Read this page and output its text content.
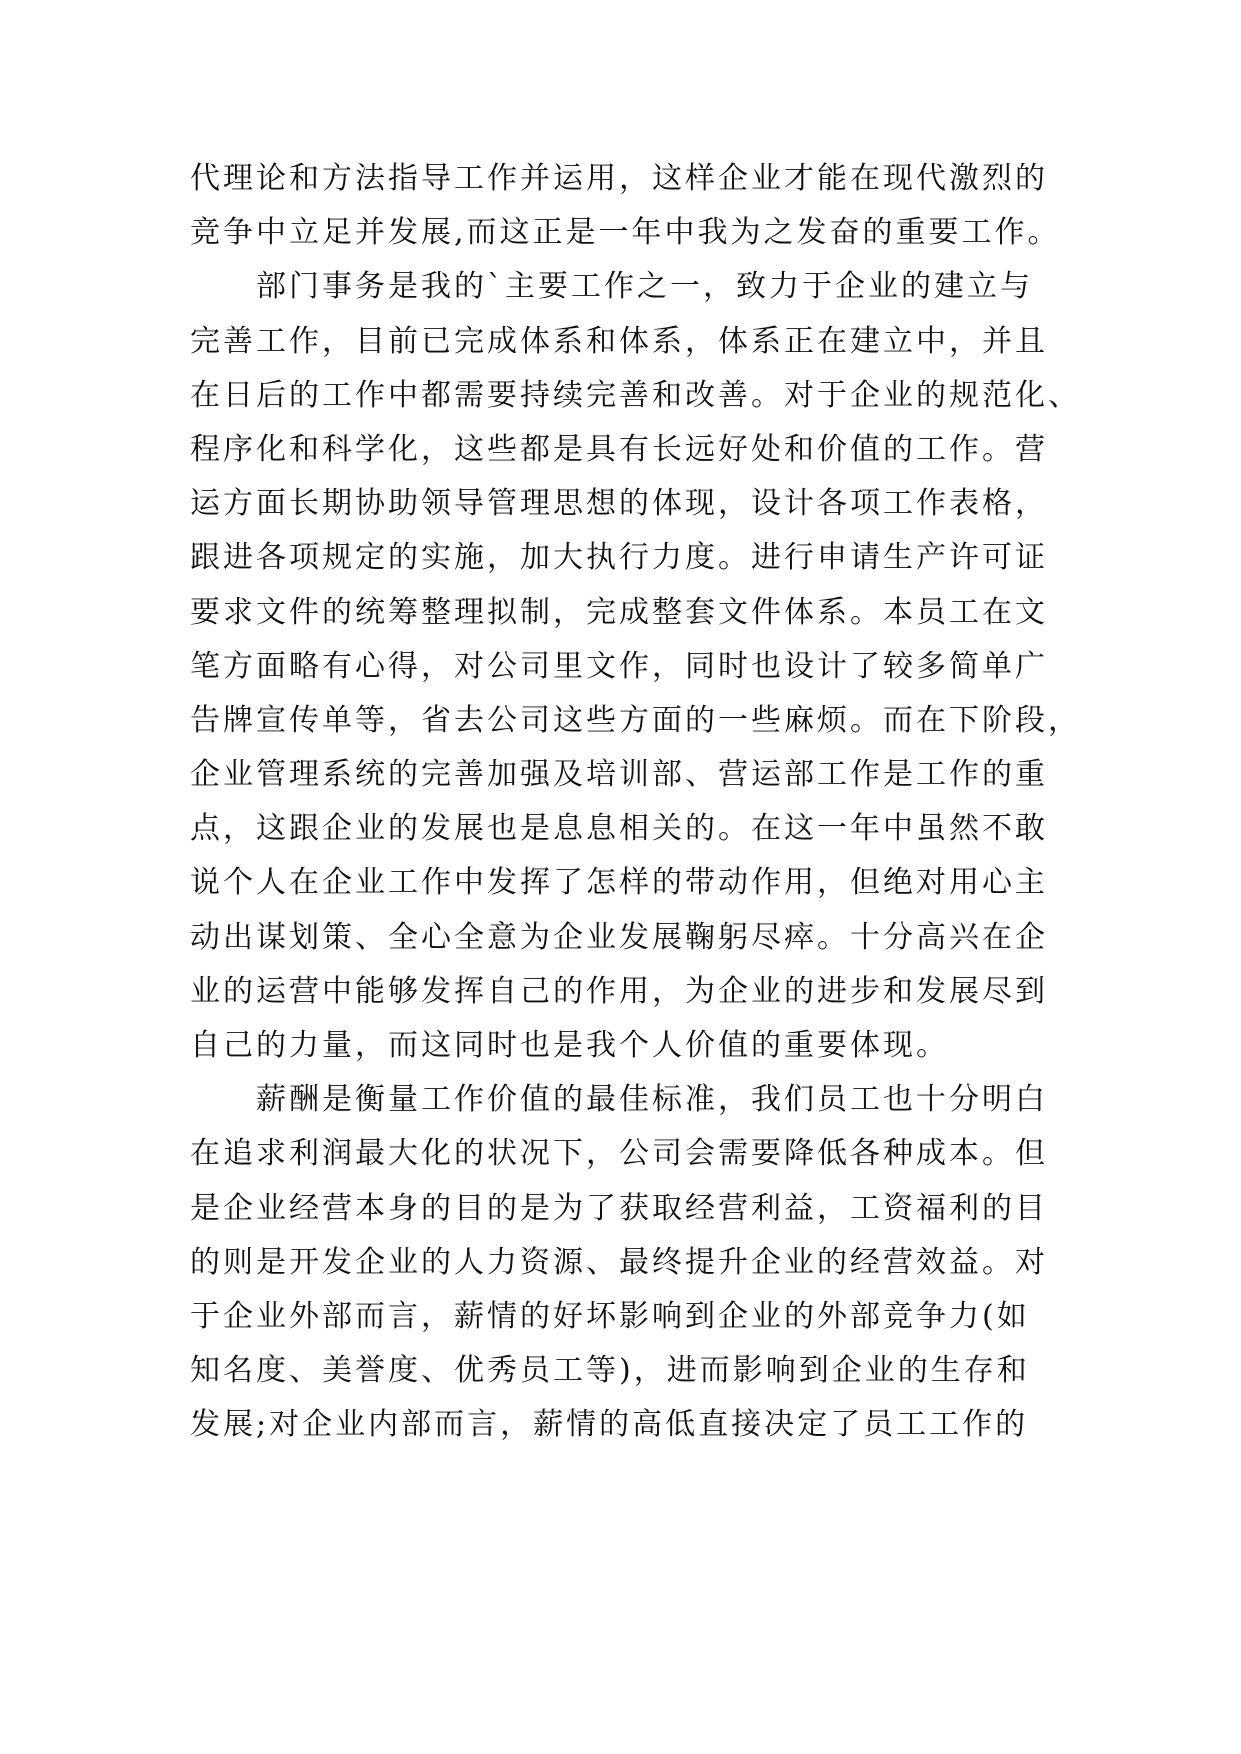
代理论和方法指导工作并运用，这样企业才能在现代激烈的
竞争中立足并发展,而这正是一年中我为之发奋的重要工作。
部门事务是我的`主要工作之一，致力于企业的建立与
完善工作，目前已完成体系和体系，体系正在建立中，并且
在日后的工作中都需要持续完善和改善。对于企业的规范化、
程序化和科学化，这些都是具有长远好处和价值的工作。营
运方面长期协助领导管理思想的体现，设计各项工作表格，
跟进各项规定的实施，加大执行力度。进行申请生产许可证
要求文件的统筹整理拟制，完成整套文件体系。本员工在文
笔方面略有心得，对公司里文作，同时也设计了较多简单广
告牌宣传单等，省去公司这些方面的一些麻烦。而在下阶段，
企业管理系统的完善加强及培训部、营运部工作是工作的重
点，这跟企业的发展也是息息相关的。在这一年中虽然不敢
说个人在企业工作中发挥了怎样的带动作用，但绝对用心主
动出谋划策、全心全意为企业发展鞠躬尽瘁。十分高兴在企
业的运营中能够发挥自己的作用，为企业的进步和发展尽到
自己的力量，而这同时也是我个人价值的重要体现。
薪酬是衡量工作价值的最佳标准，我们员工也十分明白
在追求利润最大化的状况下，公司会需要降低各种成本。但
是企业经营本身的目的是为了获取经营利益，工资福利的目
的则是开发企业的人力资源、最终提升企业的经营效益。对
于企业外部而言，薪情的好坏影响到企业的外部竞争力(如
知名度、美誉度、优秀员工等)，进而影响到企业的生存和
发展;对企业内部而言，薪情的高低直接决定了员工工作的
